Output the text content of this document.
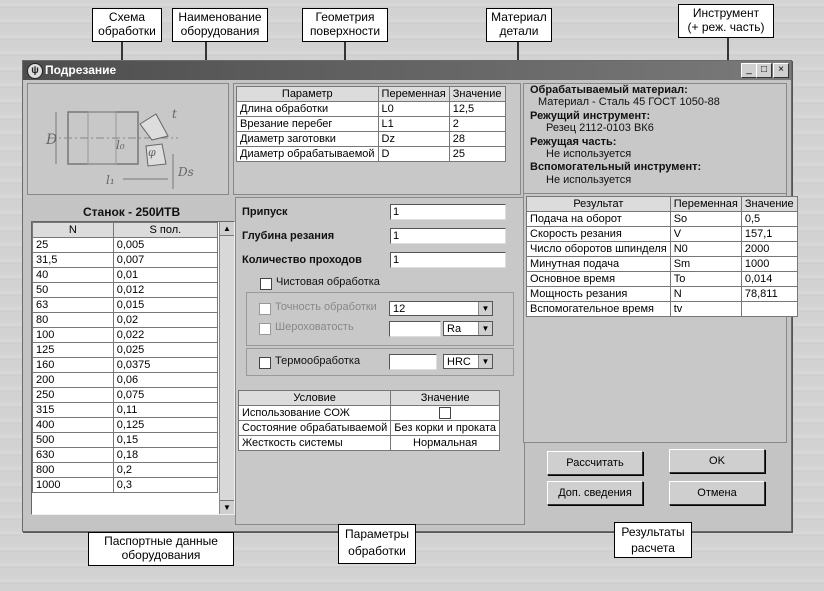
Схема
обработки
Наименование
оборудования
Геометрия
поверхности
Материал
детали
Инструмент
(+ реж. часть)
ψ Подрезание	_ □	×
D
t
l₀
l₁
Ds
φ
Станок - 250ИТВ
N	S пол.
25	0,005
31,5	0,007
40	0,01
50	0,012
63	0,015
80	0,02
100	0,022
125	0,025
160	0,0375
200	0,06
250	0,075
315	0,11
400	0,125
500	0,15
630	0,18
800	0,2
1000	0,3
▲
▼
Параметр	Переменная	Значение
Длина обработки	L0	12,5
Врезание перебег	L1	2
Диаметр заготовки	Dz	28
Диаметр обрабатываемой	D	25
Обрабатываемый материал:
Материал - Сталь 45 ГОСТ 1050-88
Режущий инструмент:
Резец 2112-0103 ВК6
Режущая часть:
Не используется
Вспомогательный инструмент:
Не используется
Припуск	1
Глубина резания	1
Количество проходов	1
Чистовая обработка
Точность обработки	12	▼
Шероховатость	Ra	▼
Термообработка	HRC	▼
Условие	Значение
Использование СОЖ	
Состояние обрабатываемой	Без корки и проката
Жесткость системы	Нормальная
Результат	Переменная	Значение
Подача на оборот	So	0,5
Скорость резания	V	157,1
Число оборотов шпинделя	N0	2000
Минутная подача	Sm	1000
Основное время	To	0,014
Мощность резания	N	78,811
Вспомогательное время	tv	
Рассчитать	OK
Доп. сведения	Отмена
Паспортные данные
оборудования
Параметры
обработки
Результаты
расчета
